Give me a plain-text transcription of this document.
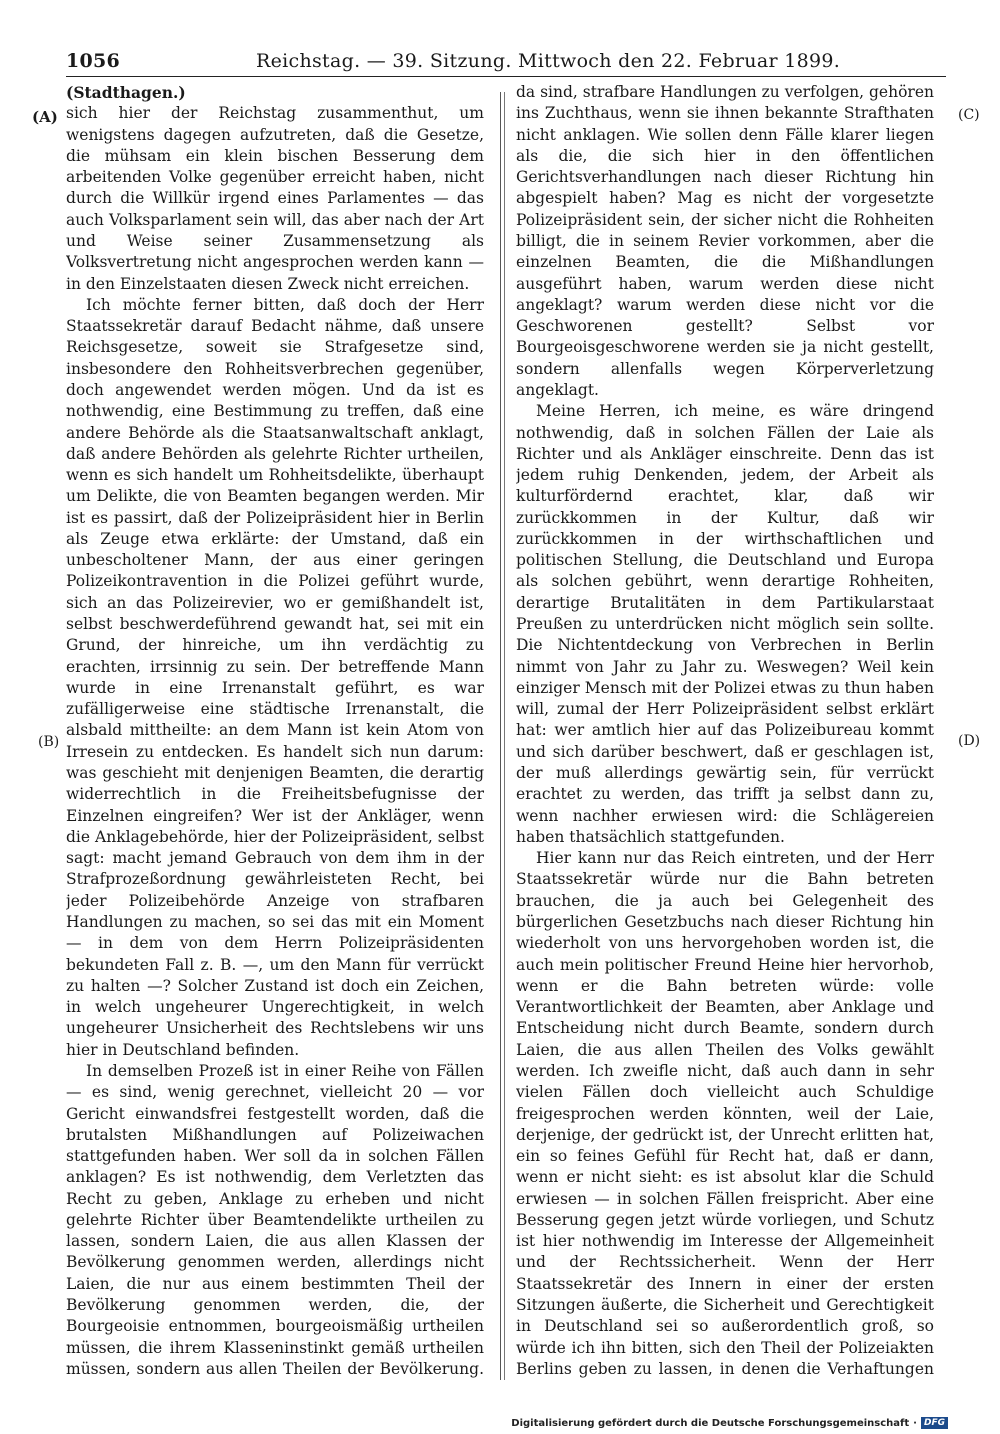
1056	Reichstag. — 39. Sitzung. Mittwoch den 22. Februar 1899.
(A)
(B)
(C)
(D)
(Stadthagen.)

sich hier der Reichstag zusammenthut, um wenigstens dagegen aufzutreten, daß die Gesetze, die mühsam ein klein bischen Besserung dem arbeitenden Volke gegenüber erreicht haben, nicht durch die Willkür irgend eines Parlamentes — das auch Volksparlament sein will, das aber nach der Art und Weise seiner Zusammensetzung als Volksvertretung nicht angesprochen werden kann — in den Einzelstaaten diesen Zweck nicht erreichen.

Ich möchte ferner bitten, daß doch der Herr Staatssekretär darauf Bedacht nähme, daß unsere Reichsgesetze, soweit sie Strafgesetze sind, insbesondere den Rohheitsverbrechen gegenüber, doch angewendet werden mögen. Und da ist es nothwendig, eine Bestimmung zu treffen, daß eine andere Behörde als die Staatsanwaltschaft anklagt, daß andere Behörden als gelehrte Richter urtheilen, wenn es sich handelt um Rohheitsdelikte, überhaupt um Delikte, die von Beamten begangen werden. Mir ist es passirt, daß der Polizeipräsident hier in Berlin als Zeuge etwa erklärte: der Umstand, daß ein unbescholtener Mann, der aus einer geringen Polizeikontravention in die Polizei geführt wurde, sich an das Polizeirevier, wo er gemißhandelt ist, selbst beschwerdeführend gewandt hat, sei mit ein Grund, der hinreiche, um ihn verdächtig zu erachten, irrsinnig zu sein. Der betreffende Mann wurde in eine Irrenanstalt geführt, es war zufälligerweise eine städtische Irrenanstalt, die alsbald mittheilte: an dem Mann ist kein Atom von Irresein zu entdecken. Es handelt sich nun darum: was geschieht mit denjenigen Beamten, die derartig widerrechtlich in die Freiheitsbefugnisse der Einzelnen eingreifen? Wer ist der Ankläger, wenn die Anklagebehörde, hier der Polizeipräsident, selbst sagt: macht jemand Gebrauch von dem ihm in der Strafprozeßordnung gewährleisteten Recht, bei jeder Polizeibehörde Anzeige von strafbaren Handlungen zu machen, so sei das mit ein Moment — in dem von dem Herrn Polizeipräsidenten bekundeten Fall z. B. —, um den Mann für verrückt zu halten —? Solcher Zustand ist doch ein Zeichen, in welch ungeheurer Ungerechtigkeit, in welch ungeheurer Unsicherheit des Rechtslebens wir uns hier in Deutschland befinden.

In demselben Prozeß ist in einer Reihe von Fällen — es sind, wenig gerechnet, vielleicht 20 — vor Gericht einwandsfrei festgestellt worden, daß die brutalsten Mißhandlungen auf Polizeiwachen stattgefunden haben. Wer soll da in solchen Fällen anklagen? Es ist nothwendig, dem Verletzten das Recht zu geben, Anklage zu erheben und nicht gelehrte Richter über Beamtendelikte urtheilen zu lassen, sondern Laien, die aus allen Klassen der Bevölkerung genommen werden, allerdings nicht Laien, die nur aus einem bestimmten Theil der Bevölkerung genommen werden, die, der Bourgeoisie entnommen, bourgeoismäßig urtheilen müssen, die ihrem Klasseninstinkt gemäß urtheilen müssen, sondern aus allen Theilen der Bevölkerung.

da sind, strafbare Handlungen zu verfolgen, gehören ins Zuchthaus, wenn sie ihnen bekannte Strafthaten nicht anklagen. Wie sollen denn Fälle klarer liegen als die, die sich hier in den öffentlichen Gerichtsverhandlungen nach dieser Richtung hin abgespielt haben? Mag es nicht der vorgesetzte Polizeipräsident sein, der sicher nicht die Rohheiten billigt, die in seinem Revier vorkommen, aber die einzelnen Beamten, die die Mißhandlungen ausgeführt haben, warum werden diese nicht angeklagt? warum werden diese nicht vor die Geschworenen gestellt? Selbst vor Bourgeoisgeschworene werden sie ja nicht gestellt, sondern allenfalls wegen Körperverletzung angeklagt.

Meine Herren, ich meine, es wäre dringend nothwendig, daß in solchen Fällen der Laie als Richter und als Ankläger einschreite. Denn das ist jedem ruhig Denkenden, jedem, der Arbeit als kulturfördernd erachtet, klar, daß wir zurückkommen in der Kultur, daß wir zurückkommen in der wirthschaftlichen und politischen Stellung, die Deutschland und Europa als solchen gebührt, wenn derartige Rohheiten, derartige Brutalitäten in dem Partikularstaat Preußen zu unterdrücken nicht möglich sein sollte. Die Nichtentdeckung von Verbrechen in Berlin nimmt von Jahr zu Jahr zu. Weswegen? Weil kein einziger Mensch mit der Polizei etwas zu thun haben will, zumal der Herr Polizeipräsident selbst erklärt hat: wer amtlich hier auf das Polizeibureau kommt und sich darüber beschwert, daß er geschlagen ist, der muß allerdings gewärtig sein, für verrückt erachtet zu werden, das trifft ja selbst dann zu, wenn nachher erwiesen wird: die Schlägereien haben thatsächlich stattgefunden.

Hier kann nur das Reich eintreten, und der Herr Staatssekretär würde nur die Bahn betreten brauchen, die ja auch bei Gelegenheit des bürgerlichen Gesetzbuchs nach dieser Richtung hin wiederholt von uns hervorgehoben worden ist, die auch mein politischer Freund Heine hier hervorhob, wenn er die Bahn betreten würde: volle Verantwortlichkeit der Beamten, aber Anklage und Entscheidung nicht durch Beamte, sondern durch Laien, die aus allen Theilen des Volks gewählt werden. Ich zweifle nicht, daß auch dann in sehr vielen Fällen doch vielleicht auch Schuldige freigesprochen werden könnten, weil der Laie, derjenige, der gedrückt ist, der Unrecht erlitten hat, ein so feines Gefühl für Recht hat, daß er dann, wenn er nicht sieht: es ist absolut klar die Schuld erwiesen — in solchen Fällen freispricht. Aber eine Besserung gegen jetzt würde vorliegen, und Schutz ist hier nothwendig im Interesse der Allgemeinheit und der Rechtssicherheit. Wenn der Herr Staatssekretär des Innern in einer der ersten Sitzungen äußerte, die Sicherheit und Gerechtigkeit in Deutschland sei so außerordentlich groß, so würde ich ihn bitten, sich den Theil der Polizeiakten Berlins geben zu lassen, in denen die Verhaftungen

Digitalisierung gefördert durch die Deutsche Forschungsgemeinschaft · DFG
